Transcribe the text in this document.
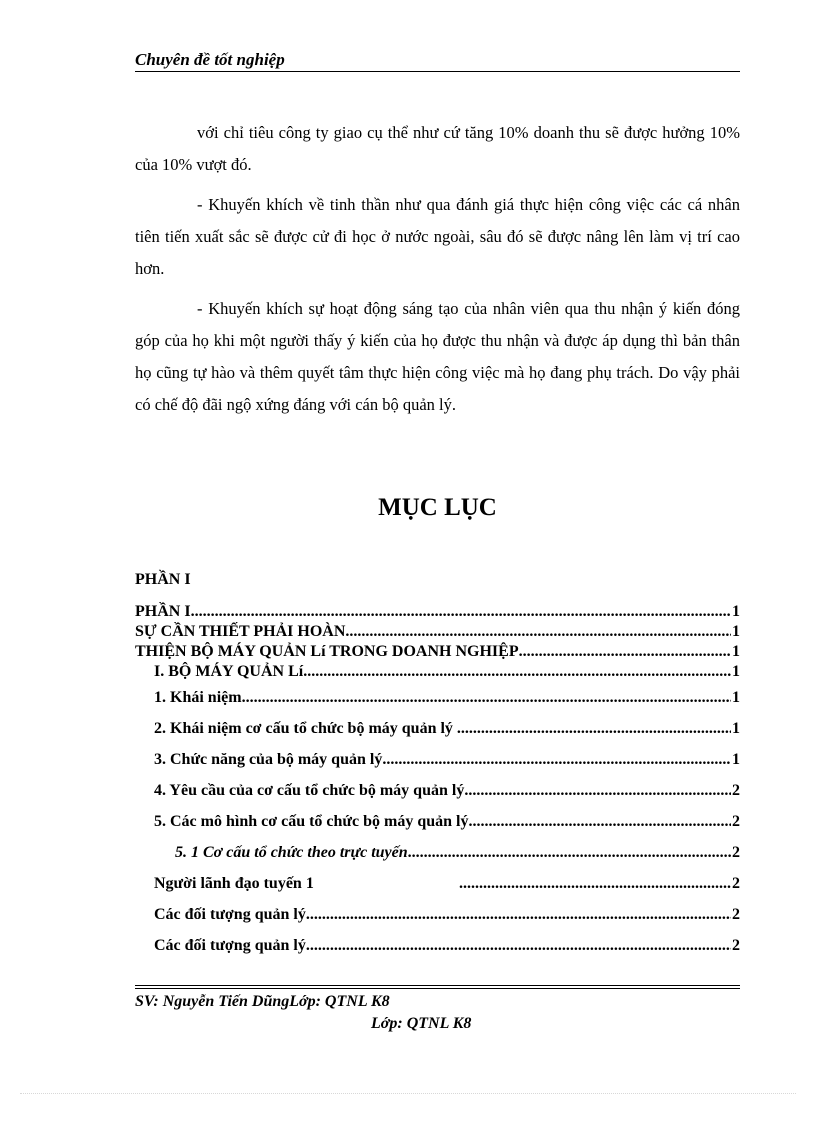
Chuyên đề tốt nghiệp

với chỉ tiêu công ty giao cụ thể như cứ tăng 10% doanh thu sẽ được hưởng 10% của 10% vượt đó.

- Khuyến khích về tinh thần như qua đánh giá thực hiện công việc các cá nhân tiên tiến xuất sắc sẽ được cử đi học ở nước ngoài, sâu đó sẽ được nâng lên làm vị trí cao hơn.

- Khuyến khích sự hoạt động sáng tạo của nhân viên qua thu nhận ý kiến đóng góp của họ khi một người thấy ý kiến của họ được thu nhận và được áp dụng thì bản thân họ cũng tự hào và thêm quyết tâm thực hiện công việc mà họ đang phụ trách. Do vậy phải có chế độ đãi ngộ xứng đáng với cán bộ quản lý.

MỤC LỤC
PHẦN I
PHẦN I .....	1
SỰ CẦN THIẾT PHẢI HOÀN .....	1
THIỆN BỘ MÁY QUẢN Lí TRONG DOANH NGHIỆP .....	1
I. BỘ MÁY QUẢN Lí. .....	1
1. Khái niệm. .....	1
2. Khái niệm cơ cấu tổ chức bộ máy quản lý . .....	1
3. Chức năng của bộ máy quản lý. .....	1
4. Yêu cầu của cơ cấu tổ chức bộ máy quản lý. .....	2
5. Các mô hình cơ cấu tổ chức bộ máy quản lý. .....	2
5. 1 Cơ cấu tổ chức theo trực tuyến .....	2
Người lãnh đạo tuyến 1 .....	2
Các đối tượng quản lý .....	2
Các đối tượng quản lý .....	2
SV: Nguyễn Tiến DũngLớp: QTNL K8
Lớp: QTNL K8
